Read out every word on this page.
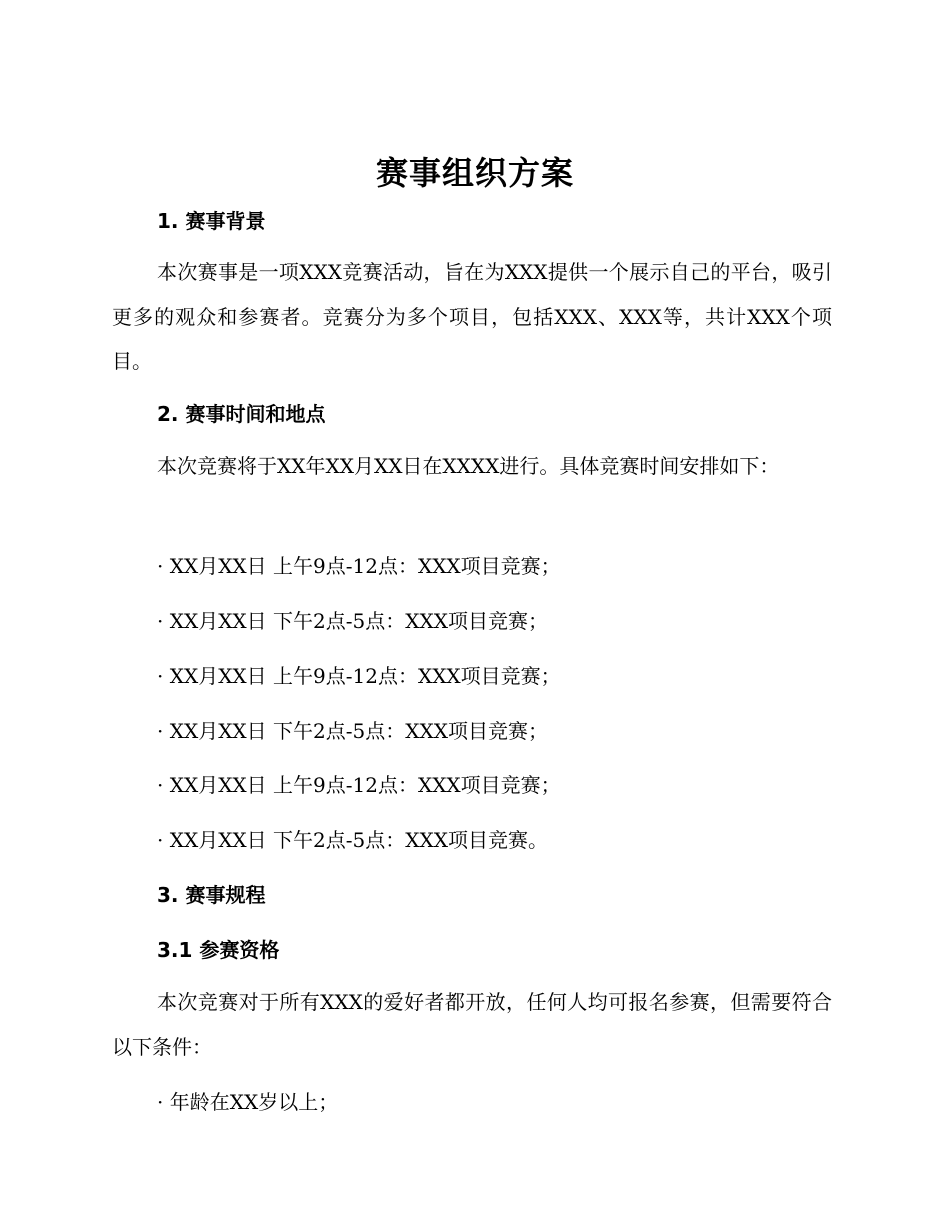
赛事组织方案
1. 赛事背景

本次赛事是一项XXX竞赛活动，旨在为XXX提供一个展示自己的平台，吸引更多的观众和参赛者。竞赛分为多个项目，包括XXX、XXX等，共计XXX个项目。

2. 赛事时间和地点

本次竞赛将于XX年XX月XX日在XXXX进行。具体竞赛时间安排如下：

· XX月XX日 上午9点-12点：XXX项目竞赛；
· XX月XX日 下午2点-5点：XXX项目竞赛；
· XX月XX日 上午9点-12点：XXX项目竞赛；
· XX月XX日 下午2点-5点：XXX项目竞赛；
· XX月XX日 上午9点-12点：XXX项目竞赛；
· XX月XX日 下午2点-5点：XXX项目竞赛。
3. 赛事规程
3.1 参赛资格

本次竞赛对于所有XXX的爱好者都开放，任何人均可报名参赛，但需要符合以下条件：

· 年龄在XX岁以上；
